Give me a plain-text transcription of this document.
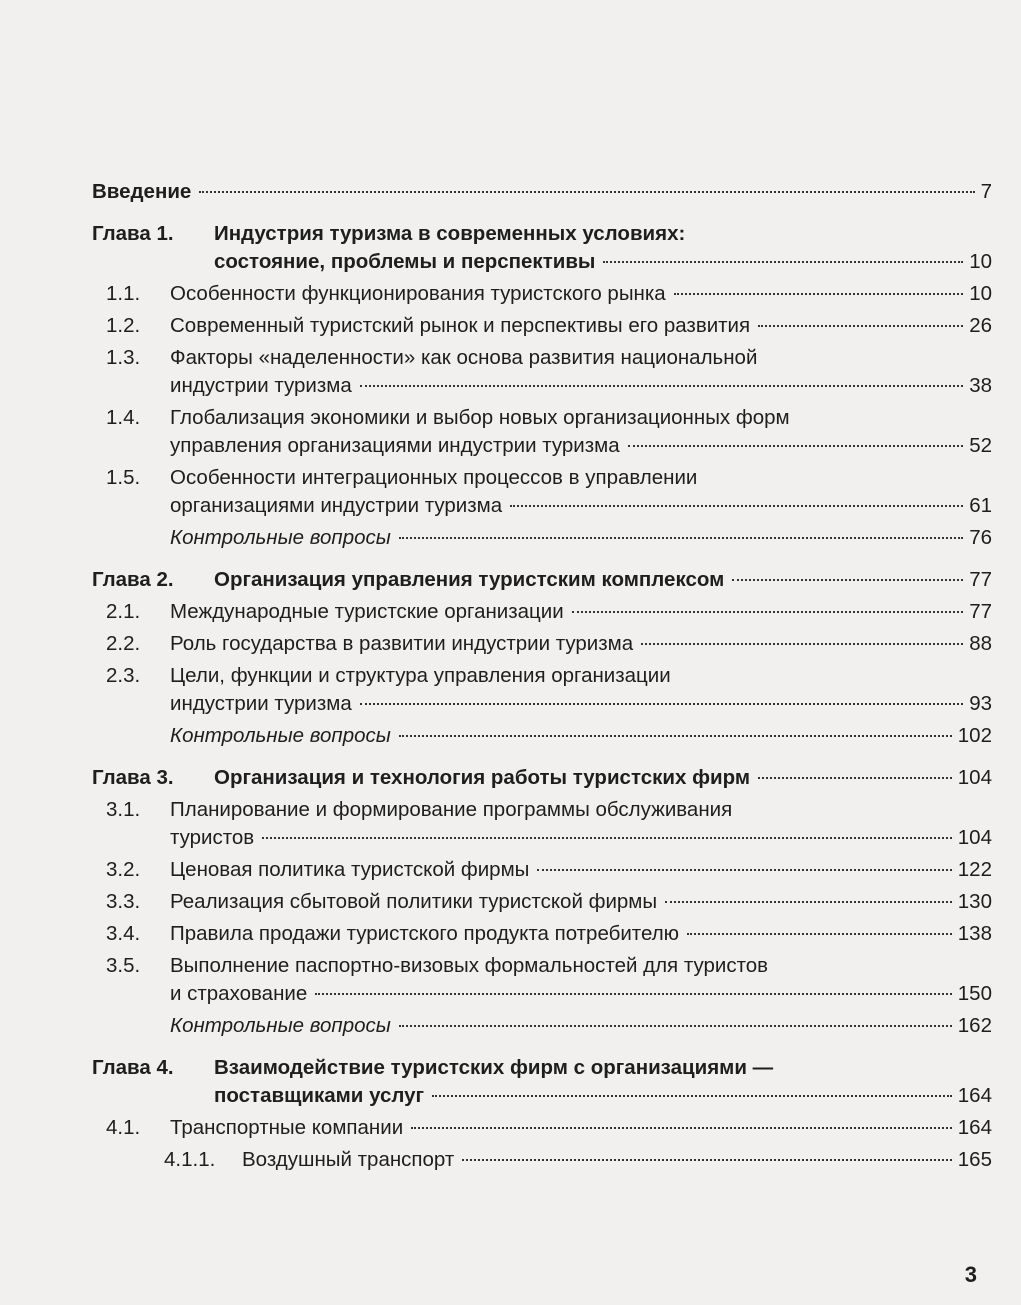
Введение	7
Глава 1.	Индустрия туризма в современных условиях:
состояние, проблемы и перспективы	10
1.1.	Особенности функционирования туристского рынка	10
1.2.	Современный туристский рынок и перспективы его развития	26
1.3.	Факторы «наделенности» как основа развития национальной
индустрии туризма	38
1.4.	Глобализация экономики и выбор новых организационных форм
управления организациями индустрии туризма	52
1.5.	Особенности интеграционных процессов в управлении
организациями индустрии туризма	61
Контрольные вопросы	76
Глава 2.	Организация управления туристским комплексом	77
2.1.	Международные туристские организации	77
2.2.	Роль государства в развитии индустрии туризма	88
2.3.	Цели, функции и структура управления организации
индустрии туризма	93
Контрольные вопросы	102
Глава 3.	Организация и технология работы туристских фирм	104
3.1.	Планирование и формирование программы обслуживания
туристов	104
3.2.	Ценовая политика туристской фирмы	122
3.3.	Реализация сбытовой политики туристской фирмы	130
3.4.	Правила продажи туристского продукта потребителю	138
3.5.	Выполнение паспортно-визовых формальностей для туристов
и страхование	150
Контрольные вопросы	162
Глава 4.	Взаимодействие туристских фирм с организациями —
поставщиками услуг	164
4.1.	Транспортные компании	164
4.1.1.	Воздушный транспорт	165
3
